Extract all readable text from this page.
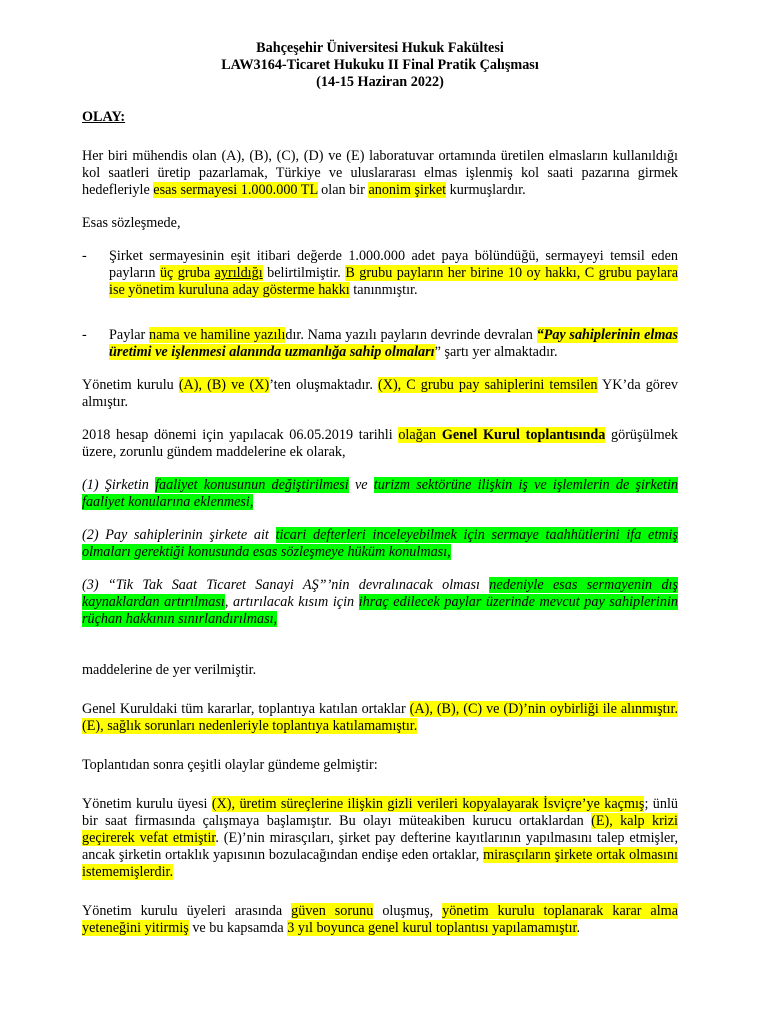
Bahçeşehir Üniversitesi Hukuk Fakültesi
LAW3164-Ticaret Hukuku II Final Pratik Çalışması
(14-15 Haziran 2022)
OLAY:

Her biri mühendis olan (A), (B), (C), (D) ve (E) laboratuvar ortamında üretilen elmasların kullanıldığı kol saatleri üretip pazarlamak, Türkiye ve uluslararası elmas işlenmiş kol saati pazarına girmek hedefleriyle esas sermayesi 1.000.000 TL olan bir anonim şirket kurmuşlardır.

Esas sözleşmede,

-	Şirket sermayesinin eşit itibari değerde 1.000.000 adet paya bölündüğü, sermayeyi temsil eden payların üç gruba ayrıldığı belirtilmiştir. B grubu payların her birine 10 oy hakkı, C grubu paylara ise yönetim kuruluna aday gösterme hakkı tanınmıştır.
-	Paylar nama ve hamiline yazılıdır. Nama yazılı payların devrinde devralan “Pay sahiplerinin elmas üretimi ve işlenmesi alanında uzmanlığa sahip olmaları” şartı yer almaktadır.

Yönetim kurulu (A), (B) ve (X)’ten oluşmaktadır. (X), C grubu pay sahiplerini temsilen YK’da görev almıştır.

2018 hesap dönemi için yapılacak 06.05.2019 tarihli olağan Genel Kurul toplantısında görüşülmek üzere, zorunlu gündem maddelerine ek olarak,

(1) Şirketin faaliyet konusunun değiştirilmesi ve turizm sektörüne ilişkin iş ve işlemlerin de şirketin faaliyet konularına eklenmesi,

(2) Pay sahiplerinin şirkete ait ticari defterleri inceleyebilmek için sermaye taahhütlerini ifa etmiş olmaları gerektiği konusunda esas sözleşmeye hüküm konulması,

(3) “Tik Tak Saat Ticaret Sanayi AŞ”’nin devralınacak olması nedeniyle esas sermayenin dış kaynaklardan artırılması, artırılacak kısım için ihraç edilecek paylar üzerinde mevcut pay sahiplerinin rüçhan hakkının sınırlandırılması,

maddelerine de yer verilmiştir.

Genel Kuruldaki tüm kararlar, toplantıya katılan ortaklar (A), (B), (C) ve (D)’nin oybirliği ile alınmıştır. (E), sağlık sorunları nedenleriyle toplantıya katılamamıştır.

Toplantıdan sonra çeşitli olaylar gündeme gelmiştir:

Yönetim kurulu üyesi (X), üretim süreçlerine ilişkin gizli verileri kopyalayarak İsviçre’ye kaçmış; ünlü bir saat firmasında çalışmaya başlamıştır. Bu olayı müteakiben kurucu ortaklardan (E), kalp krizi geçirerek vefat etmiştir. (E)’nin mirasçıları, şirket pay defterine kayıtlarının yapılmasını talep etmişler, ancak şirketin ortaklık yapısının bozulacağından endişe eden ortaklar, mirasçıların şirkete ortak olmasını istememişlerdir.

Yönetim kurulu üyeleri arasında güven sorunu oluşmuş, yönetim kurulu toplanarak karar alma yeteneğini yitirmiş ve bu kapsamda 3 yıl boyunca genel kurul toplantısı yapılamamıştır.
